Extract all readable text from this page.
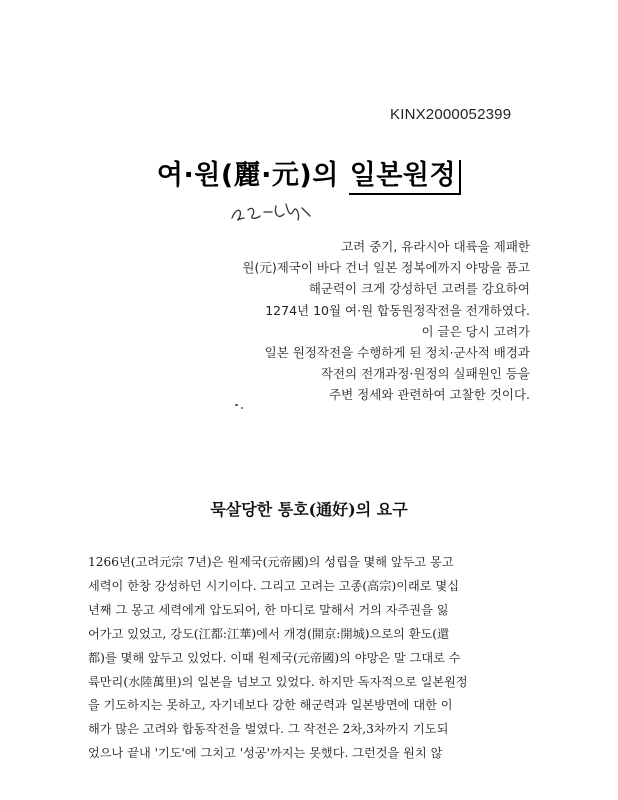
KINX2000052399
여·원(麗·元)의 일본원정
고려 중기, 유라시아 대륙을 제패한
원(元)제국이 바다 건너 일본 정복에까지 야망을 품고
해군력이 크게 강성하던 고려를 강요하여
1274년 10월 여·원 합동원정작전을 전개하였다.
이 글은 당시 고려가
일본 원정작전을 수행하게 된 정치·군사적 배경과
작전의 전개과정·원정의 실패원인 등을
주변 정세와 관련하여 고찰한 것이다.
묵살당한 통호(通好)의 요구
1266년(고려元宗 7년)은 원제국(元帝國)의 성립을 몇해 앞두고 몽고
세력이 한창 강성하던 시기이다. 그리고 고려는 고종(高宗)이래로 몇십
년째 그 몽고 세력에게 압도되어, 한 마디로 말해서 거의 자주권을 잃
어가고 있었고, 강도(江都:江華)에서 개경(開京:開城)으로의 환도(還
都)를 몇해 앞두고 있었다. 이때 원제국(元帝國)의 야망은 말 그대로 수
륙만리(水陸萬里)의 일본을 넘보고 있었다. 하지만 독자적으로 일본원정
을 기도하지는 못하고, 자기네보다 강한 해군력과 일본방면에 대한 이
해가 많은 고려와 합동작전을 벌였다. 그 작전은 2차,3차까지 기도되
었으나 끝내 '기도'에 그치고 '성공'까지는 못했다. 그런것을 원치 않
